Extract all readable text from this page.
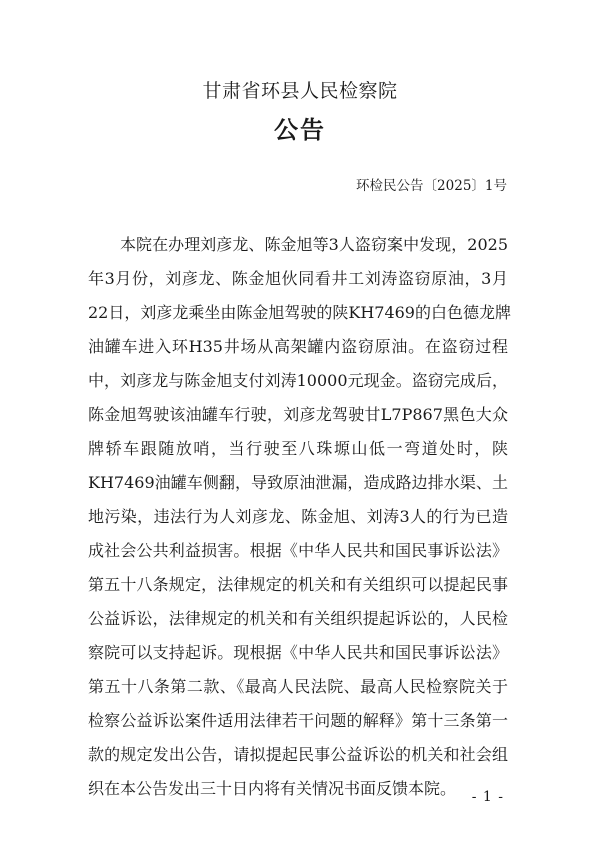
甘肃省环县人民检察院
公告
环检民公告〔2025〕1号
本院在办理刘彦龙、陈金旭等3人盗窃案中发现，2025
年3月份，刘彦龙、陈金旭伙同看井工刘涛盗窃原油，3月
22日，刘彦龙乘坐由陈金旭驾驶的陕KH7469的白色德龙牌
油罐车进入环H35井场从高架罐内盗窃原油。在盗窃过程
中，刘彦龙与陈金旭支付刘涛10000元现金。盗窃完成后，
陈金旭驾驶该油罐车行驶，刘彦龙驾驶甘L7P867黑色大众
牌轿车跟随放哨，当行驶至八珠塬山低一弯道处时，陕
KH7469油罐车侧翻，导致原油泄漏，造成路边排水渠、土
地污染，违法行为人刘彦龙、陈金旭、刘涛3人的行为已造
成社会公共利益损害。根据《中华人民共和国民事诉讼法》
第五十八条规定，法律规定的机关和有关组织可以提起民事
公益诉讼，法律规定的机关和有关组织提起诉讼的，人民检
察院可以支持起诉。现根据《中华人民共和国民事诉讼法》
第五十八条第二款、《最高人民法院、最高人民检察院关于
检察公益诉讼案件适用法律若干问题的解释》第十三条第一
款的规定发出公告，请拟提起民事公益诉讼的机关和社会组
织在本公告发出三十日内将有关情况书面反馈本院。	- 1 -
